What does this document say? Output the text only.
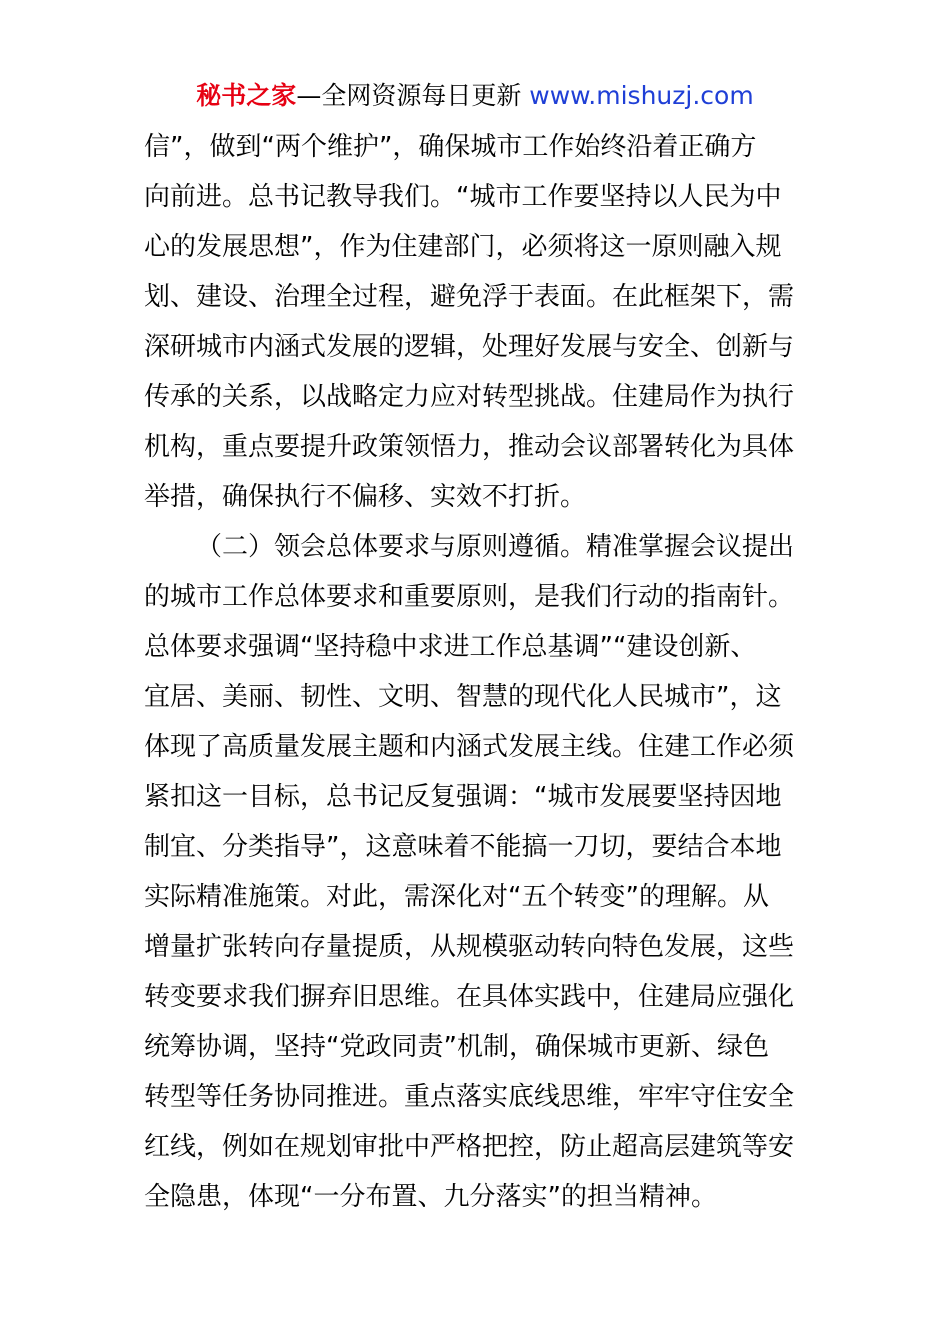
秘书之家—全网资源每日更新 www.mishuzj.com
信”，做到“两个维护”，确保城市工作始终沿着正确方
向前进。总书记教导我们。“城市工作要坚持以人民为中
心的发展思想”，作为住建部门，必须将这一原则融入规
划、建设、治理全过程，避免浮于表面。在此框架下，需
深研城市内涵式发展的逻辑，处理好发展与安全、创新与
传承的关系，以战略定力应对转型挑战。住建局作为执行
机构，重点要提升政策领悟力，推动会议部署转化为具体
举措，确保执行不偏移、实效不打折。
（二）领会总体要求与原则遵循。精准掌握会议提出
的城市工作总体要求和重要原则，是我们行动的指南针。
总体要求强调“坚持稳中求进工作总基调”“建设创新、
宜居、美丽、韧性、文明、智慧的现代化人民城市”，这
体现了高质量发展主题和内涵式发展主线。住建工作必须
紧扣这一目标，总书记反复强调：“城市发展要坚持因地
制宜、分类指导”，这意味着不能搞一刀切，要结合本地
实际精准施策。对此，需深化对“五个转变”的理解。从
增量扩张转向存量提质，从规模驱动转向特色发展，这些
转变要求我们摒弃旧思维。在具体实践中，住建局应强化
统筹协调，坚持“党政同责”机制，确保城市更新、绿色
转型等任务协同推进。重点落实底线思维，牢牢守住安全
红线，例如在规划审批中严格把控，防止超高层建筑等安
全隐患，体现“一分布置、九分落实”的担当精神。
